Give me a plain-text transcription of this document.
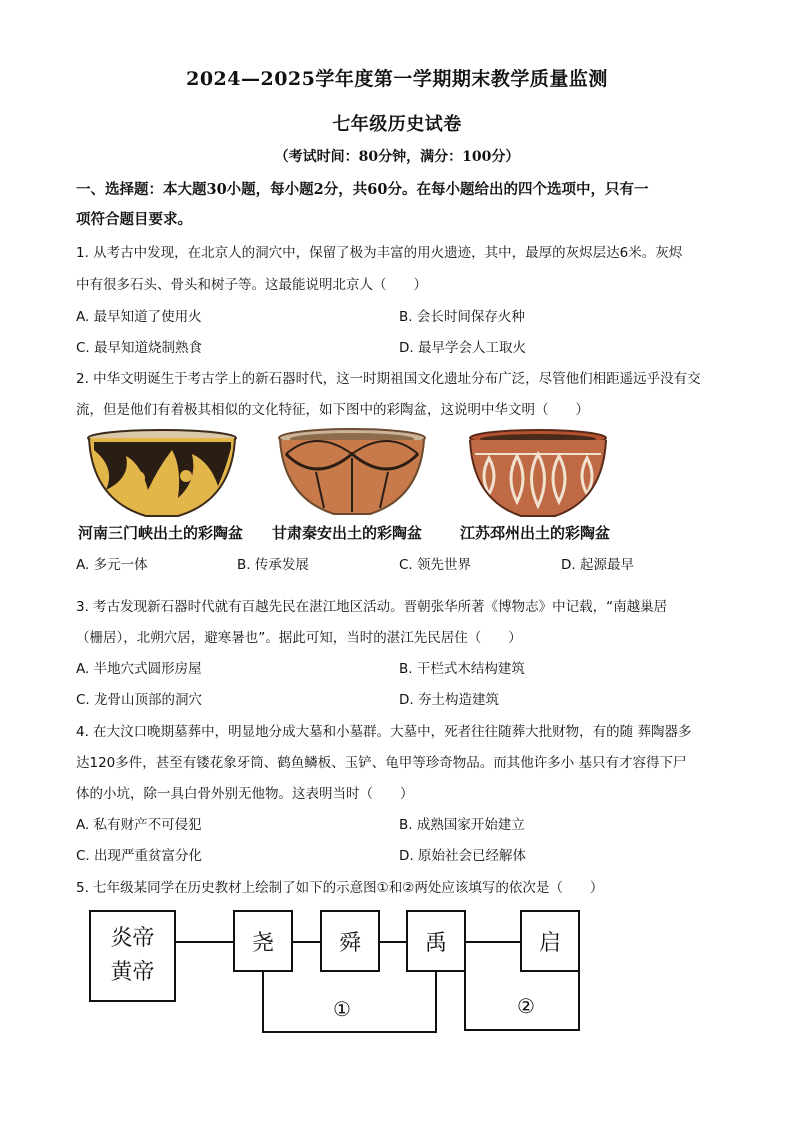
2024—2025学年度第一学期期末教学质量监测
七年级历史试卷
（考试时间：80分钟，满分：100分）
一、选择题：本大题30小题，每小题2分，共60分。在每小题给出的四个选项中，只有一
项符合题目要求。
1. 从考古中发现，在北京人的洞穴中，保留了极为丰富的用火遗迹，其中，最厚的灰烬层达6米。灰烬
中有很多石头、骨头和树子等。这最能说明北京人（　　）
A. 最早知道了使用火	B. 会长时间保存火种
C. 最早知道烧制熟食	D. 最早学会人工取火
2. 中华文明诞生于考古学上的新石器时代，这一时期祖国文化遗址分布广泛，尽管他们相距遥远乎没有交
流，但是他们有着极其相似的文化特征，如下图中的彩陶盆，这说明中华文明（　　）
河南三门峡出土的彩陶盆 甘肃秦安出土的彩陶盆	江苏邳州出土的彩陶盆
A. 多元一体	B. 传承发展	C. 领先世界	D. 起源最早
3. 考古发现新石器时代就有百越先民在湛江地区活动。晋朝张华所著《博物志》中记载，“南越巢居
（栅居），北朔穴居，避寒暑也”。据此可知，当时的湛江先民居住（　　）
A. 半地穴式圆形房屋	B. 干栏式木结构建筑
C. 龙骨山顶部的洞穴	D. 夯土构造建筑
4. 在大汶口晚期墓葬中，明显地分成大墓和小墓群。大墓中，死者往往随葬大批财物，有的随 葬陶器多
达120多件，甚至有镂花象牙筒、鹤鱼鳞板、玉铲、龟甲等珍奇物品。而其他许多小 基只有才容得下尸
体的小坑，除一具白骨外别无他物。这表明当时（　　）
A. 私有财产不可侵犯	B. 成熟国家开始建立
C. 出现严重贫富分化	D. 原始社会已经解体
5. 七年级某同学在历史教材上绘制了如下的示意图①和②两处应该填写的依次是（　　）
炎帝
黄帝
尧	舜	禹	启
①	②
